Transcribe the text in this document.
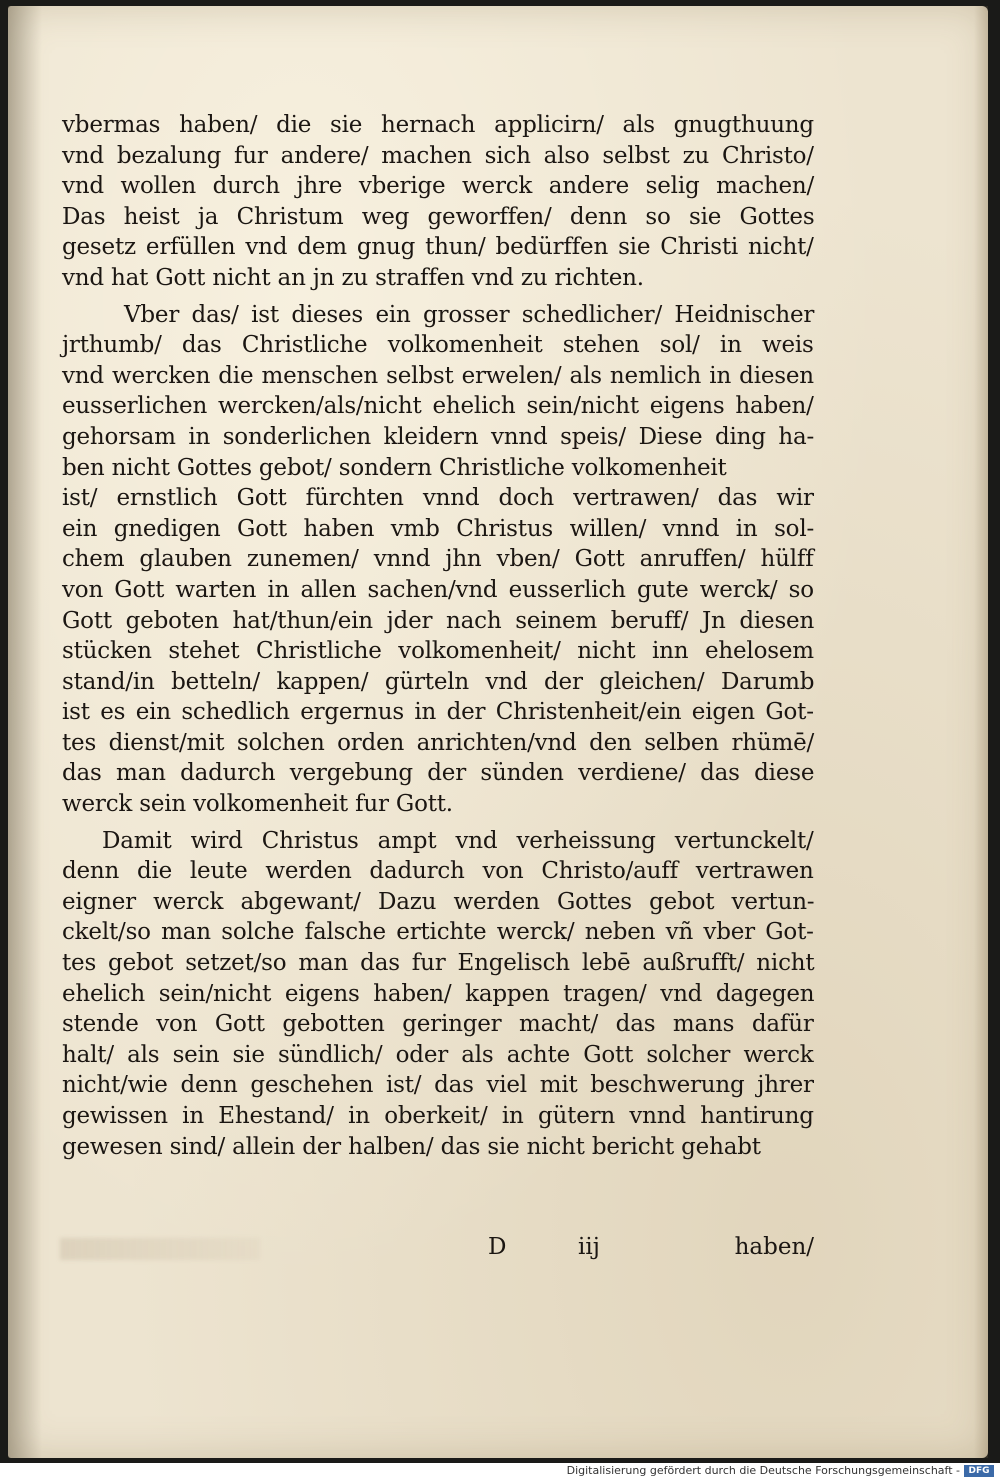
vbermas haben/ die sie hernach applicirn/ als gnugthuung
vnd bezalung fur andere/ machen sich also selbst zu Christo/
vnd wollen durch jhre vberige werck andere selig machen/
Das heist ja Christum weg geworffen/ denn so sie Gottes
gesetz erfüllen vnd dem gnug thun/ bedürffen sie Christi nicht/
vnd hat Gott nicht an jn zu straffen vnd zu richten.
Vber das/ ist dieses ein grosser schedlicher/ Heidnischer
jrthumb/ das Christliche volkomenheit stehen sol/ in weis
vnd wercken die menschen selbst erwelen/ als nemlich in diesen
eusserlichen wercken/als/nicht ehelich sein/nicht eigens haben/
gehorsam in sonderlichen kleidern vnnd speis/ Diese ding ha-
ben nicht Gottes gebot/ sondern Christliche volkomenheit
ist/ ernstlich Gott fürchten vnnd doch vertrawen/ das wir
ein gnedigen Gott haben vmb Christus willen/ vnnd in sol-
chem glauben zunemen/ vnnd jhn vben/ Gott anruffen/ hülff
von Gott warten in allen sachen/vnd eusserlich gute werck/ so
Gott geboten hat/thun/ein jder nach seinem beruff/ Jn diesen
stücken stehet Christliche volkomenheit/ nicht inn ehelosem
stand/in betteln/ kappen/ gürteln vnd der gleichen/ Darumb
ist es ein schedlich ergernus in der Christenheit/ein eigen Got-
tes dienst/mit solchen orden anrichten/vnd den selben rhümē/
das man dadurch vergebung der sünden verdiene/ das diese
werck sein volkomenheit fur Gott.
Damit wird Christus ampt vnd verheissung vertunckelt/
denn die leute werden dadurch von Christo/auff vertrawen
eigner werck abgewant/ Dazu werden Gottes gebot vertun-
ckelt/so man solche falsche ertichte werck/ neben vñ vber Got-
tes gebot setzet/so man das fur Engelisch lebē außrufft/ nicht
ehelich sein/nicht eigens haben/ kappen tragen/ vnd dagegen
stende von Gott gebotten geringer macht/ das mans dafür
halt/ als sein sie sündlich/ oder als achte Gott solcher werck
nicht/wie denn geschehen ist/ das viel mit beschwerung jhrer
gewissen in Ehestand/ in oberkeit/ in gütern vnnd hantirung
gewesen sind/ allein der halben/ das sie nicht bericht gehabt
D	iij	haben/
Digitalisierung gefördert durch die Deutsche Forschungsgemeinschaft - DFG
